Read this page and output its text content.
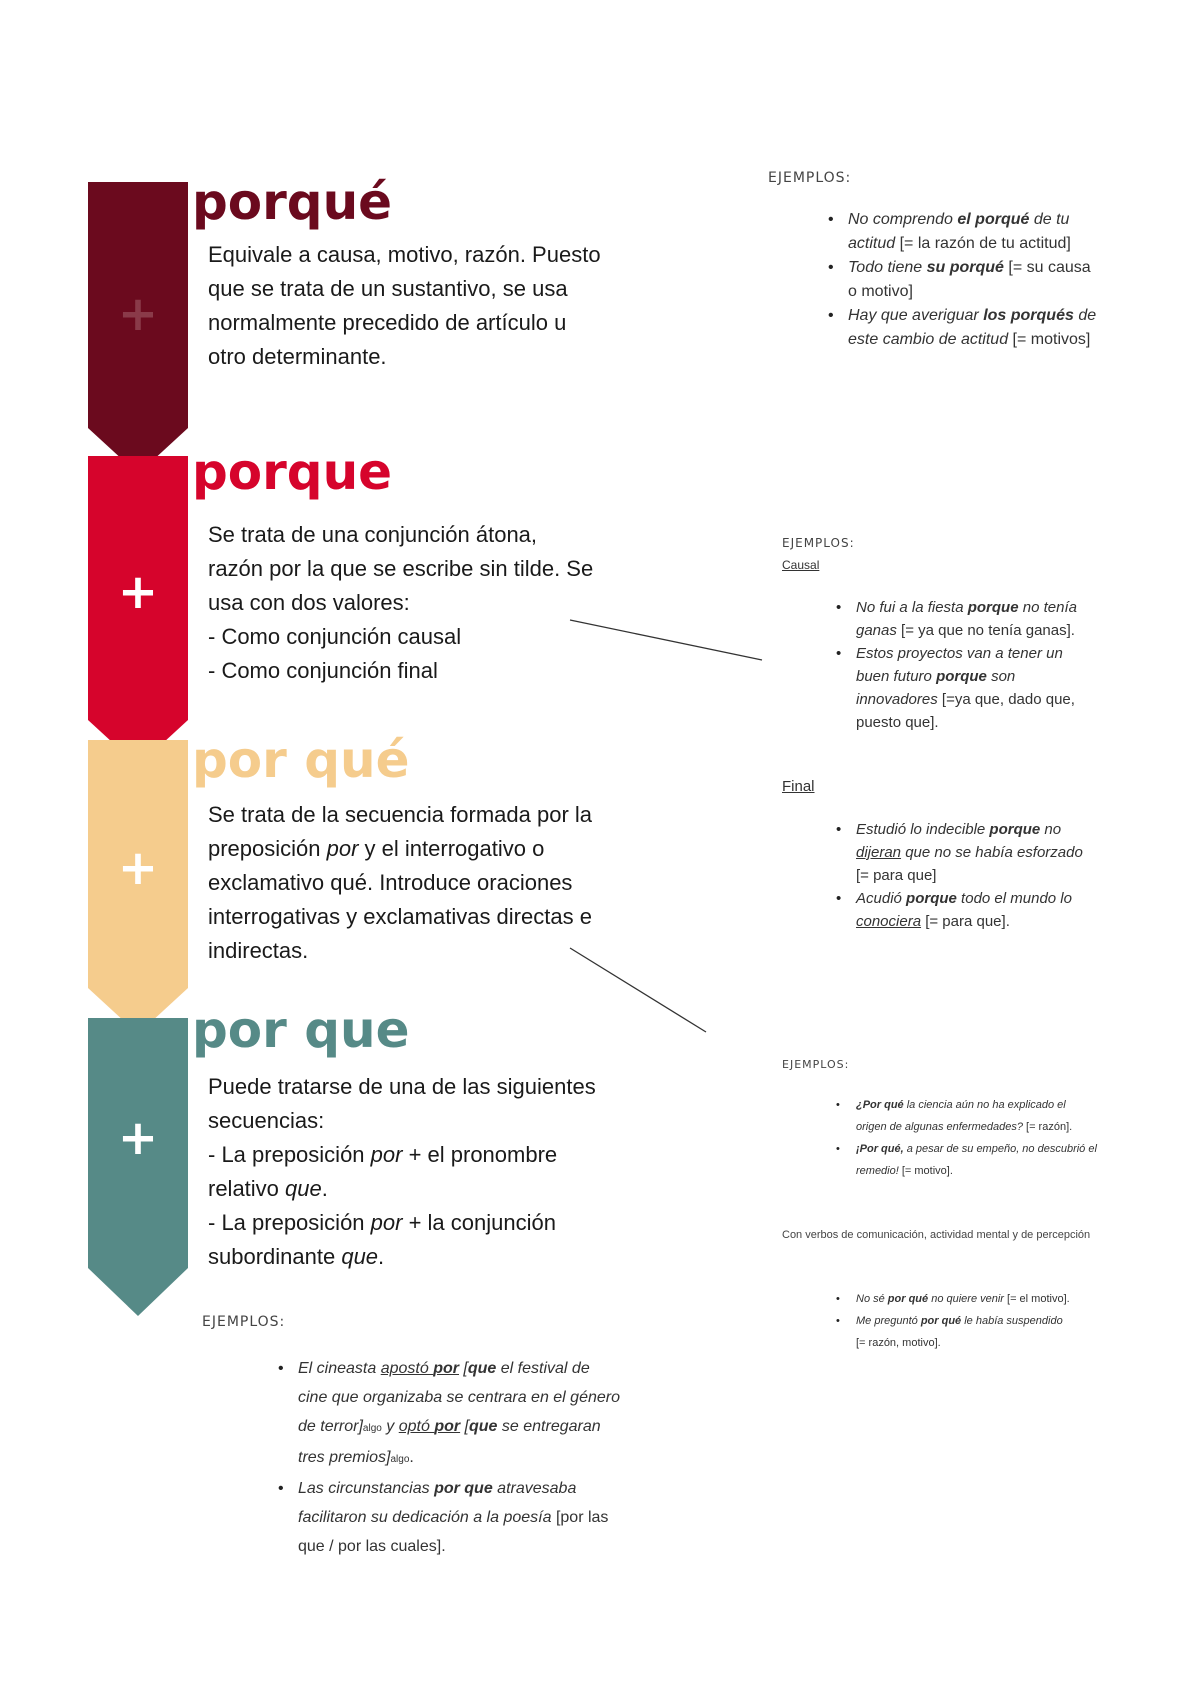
+
+
+
+
porqué

Equivale a causa, motivo, razón. Puesto
que se trata de un sustantivo, se usa
normalmente precedido de artículo u
otro determinante.

porque

Se trata de una conjunción átona,
razón por la que se escribe sin tilde. Se
usa con dos valores:
- Como conjunción causal
- Como conjunción final

por qué

Se trata de la secuencia formada por la
preposición por y el interrogativo o
exclamativo qué. Introduce oraciones
interrogativas y exclamativas directas e
indirectas.

por que

Puede tratarse de una de las siguientes
secuencias:
- La preposición por + el pronombre
relativo que.
- La preposición por + la conjunción
subordinante que.

EJEMPLOS:

• No comprendo el porqué de tu actitud [= la razón de tu actitud]
• Todo tiene su porqué [= su causa o motivo]
• Hay que averiguar los porqués de este cambio de actitud [= motivos]

EJEMPLOS:

Causal

• No fui a la fiesta porque no tenía ganas [= ya que no tenía ganas].
• Estos proyectos van a tener un buen futuro porque son innovadores [=ya que, dado que, puesto que].

Final

• Estudió lo indecible porque no dijeran que no se había esforzado [= para que]
• Acudió porque todo el mundo lo conociera [= para que].

EJEMPLOS:

• ¿Por qué la ciencia aún no ha explicado el origen de algunas enfermedades? [= razón].
• ¡Por qué, a pesar de su empeño, no descubrió el remedio! [= motivo].

Con verbos de comunicación, actividad mental y de percepción

• No sé por qué no quiere venir [= el motivo].
• Me preguntó por qué le había suspendido [= razón, motivo].

EJEMPLOS:

• El cineasta apostó por [que el festival de cine que organizaba se centrara en el género de terror]algo y optó por [que se entregaran tres premios]algo.
• Las circunstancias por que atravesaba facilitaron su dedicación a la poesía [por las que / por las cuales].
